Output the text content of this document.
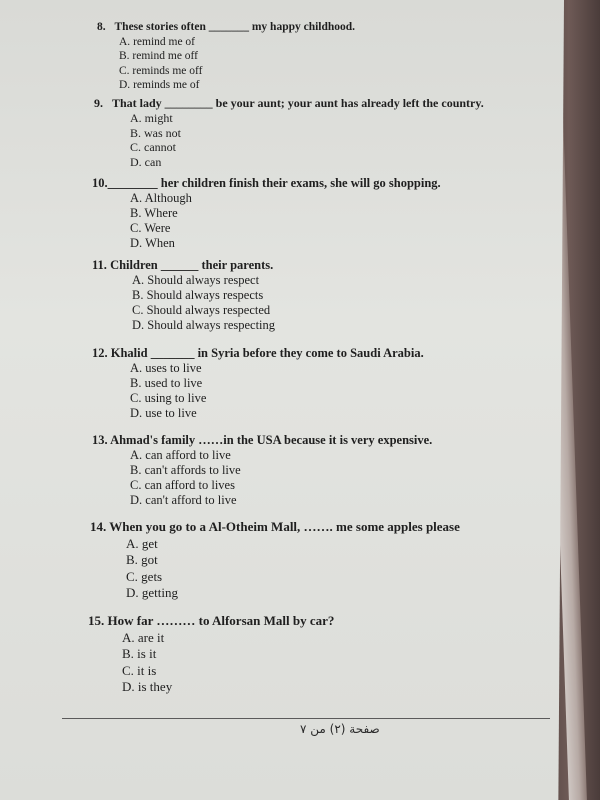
8. These stories often _______ my happy childhood.
A. remind me of
B. remind me off
C. reminds me off
D. reminds me of
9. That lady ________ be your aunt; your aunt has already left the country.
A. might
B. was not
C. cannot
D. can
10.________ her children finish their exams, she will go shopping.
A. Although
B. Where
C. Were
D. When
11. Children ______ their parents.
A. Should always respect
B. Should always respects
C. Should always respected
D. Should always respecting
12. Khalid _______ in Syria before they come to Saudi Arabia.
A. uses to live
B. used to live
C. using to live
D. use to live
13. Ahmad's family ……in the USA because it is very expensive.
A. can afford to live
B. can't affords to live
C. can afford to lives
D. can't afford to live
14. When you go to a Al-Otheim Mall, ……. me some apples please
A. get
B. got
C. gets
D. getting
15. How far ……… to Alforsan Mall by car?
A. are it
B. is it
C. it is
D. is they
صفحة (٢) من ٧
